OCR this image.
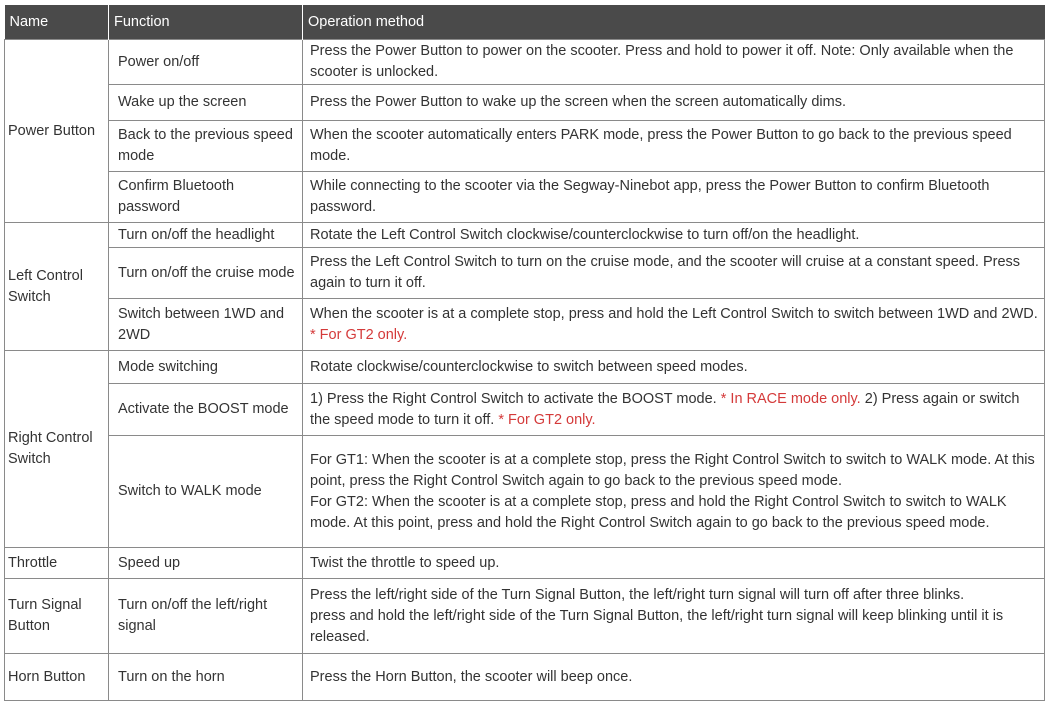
Name	Function	Operation method
Power Button	Power on/off	Press the Power Button to power on the scooter. Press and hold to power it off. Note: Only available when the scooter is unlocked.
	Wake up the screen	Press the Power Button to wake up the screen when the screen automatically dims.
	Back to the previous speed mode	When the scooter automatically enters PARK mode, press the Power Button to go back to the previous speed mode.
	Confirm Bluetooth password	While connecting to the scooter via the Segway-Ninebot app, press the Power Button to confirm Bluetooth password.
Left Control Switch	Turn on/off the headlight	Rotate the Left Control Switch clockwise/counterclockwise to turn off/on the headlight.
	Turn on/off the cruise mode	Press the Left Control Switch to turn on the cruise mode, and the scooter will cruise at a constant speed. Press again to turn it off.
	Switch between 1WD and 2WD	When the scooter is at a complete stop, press and hold the Left Control Switch to switch between 1WD and 2WD. * For GT2 only.
Right Control Switch	Mode switching	Rotate clockwise/counterclockwise to switch between speed modes.
	Activate the BOOST mode	1) Press the Right Control Switch to activate the BOOST mode. * In RACE mode only. 2) Press again or switch the speed mode to turn it off. * For GT2 only.
	Switch to WALK mode	For GT1: When the scooter is at a complete stop, press the Right Control Switch to switch to WALK mode. At this point, press the Right Control Switch again to go back to the previous speed mode.
For GT2: When the scooter is at a complete stop, press and hold the Right Control Switch to switch to WALK mode. At this point, press and hold the Right Control Switch again to go back to the previous speed mode.

Throttle	Speed up	Twist the throttle to speed up.
Turn Signal Button	Turn on/off the left/right signal	Press the left/right side of the Turn Signal Button, the left/right turn signal will turn off after three blinks.
press and hold the left/right side of the Turn Signal Button, the left/right turn signal will keep blinking until it is released.

Horn Button	Turn on the horn	Press the Horn Button, the scooter will beep once.
